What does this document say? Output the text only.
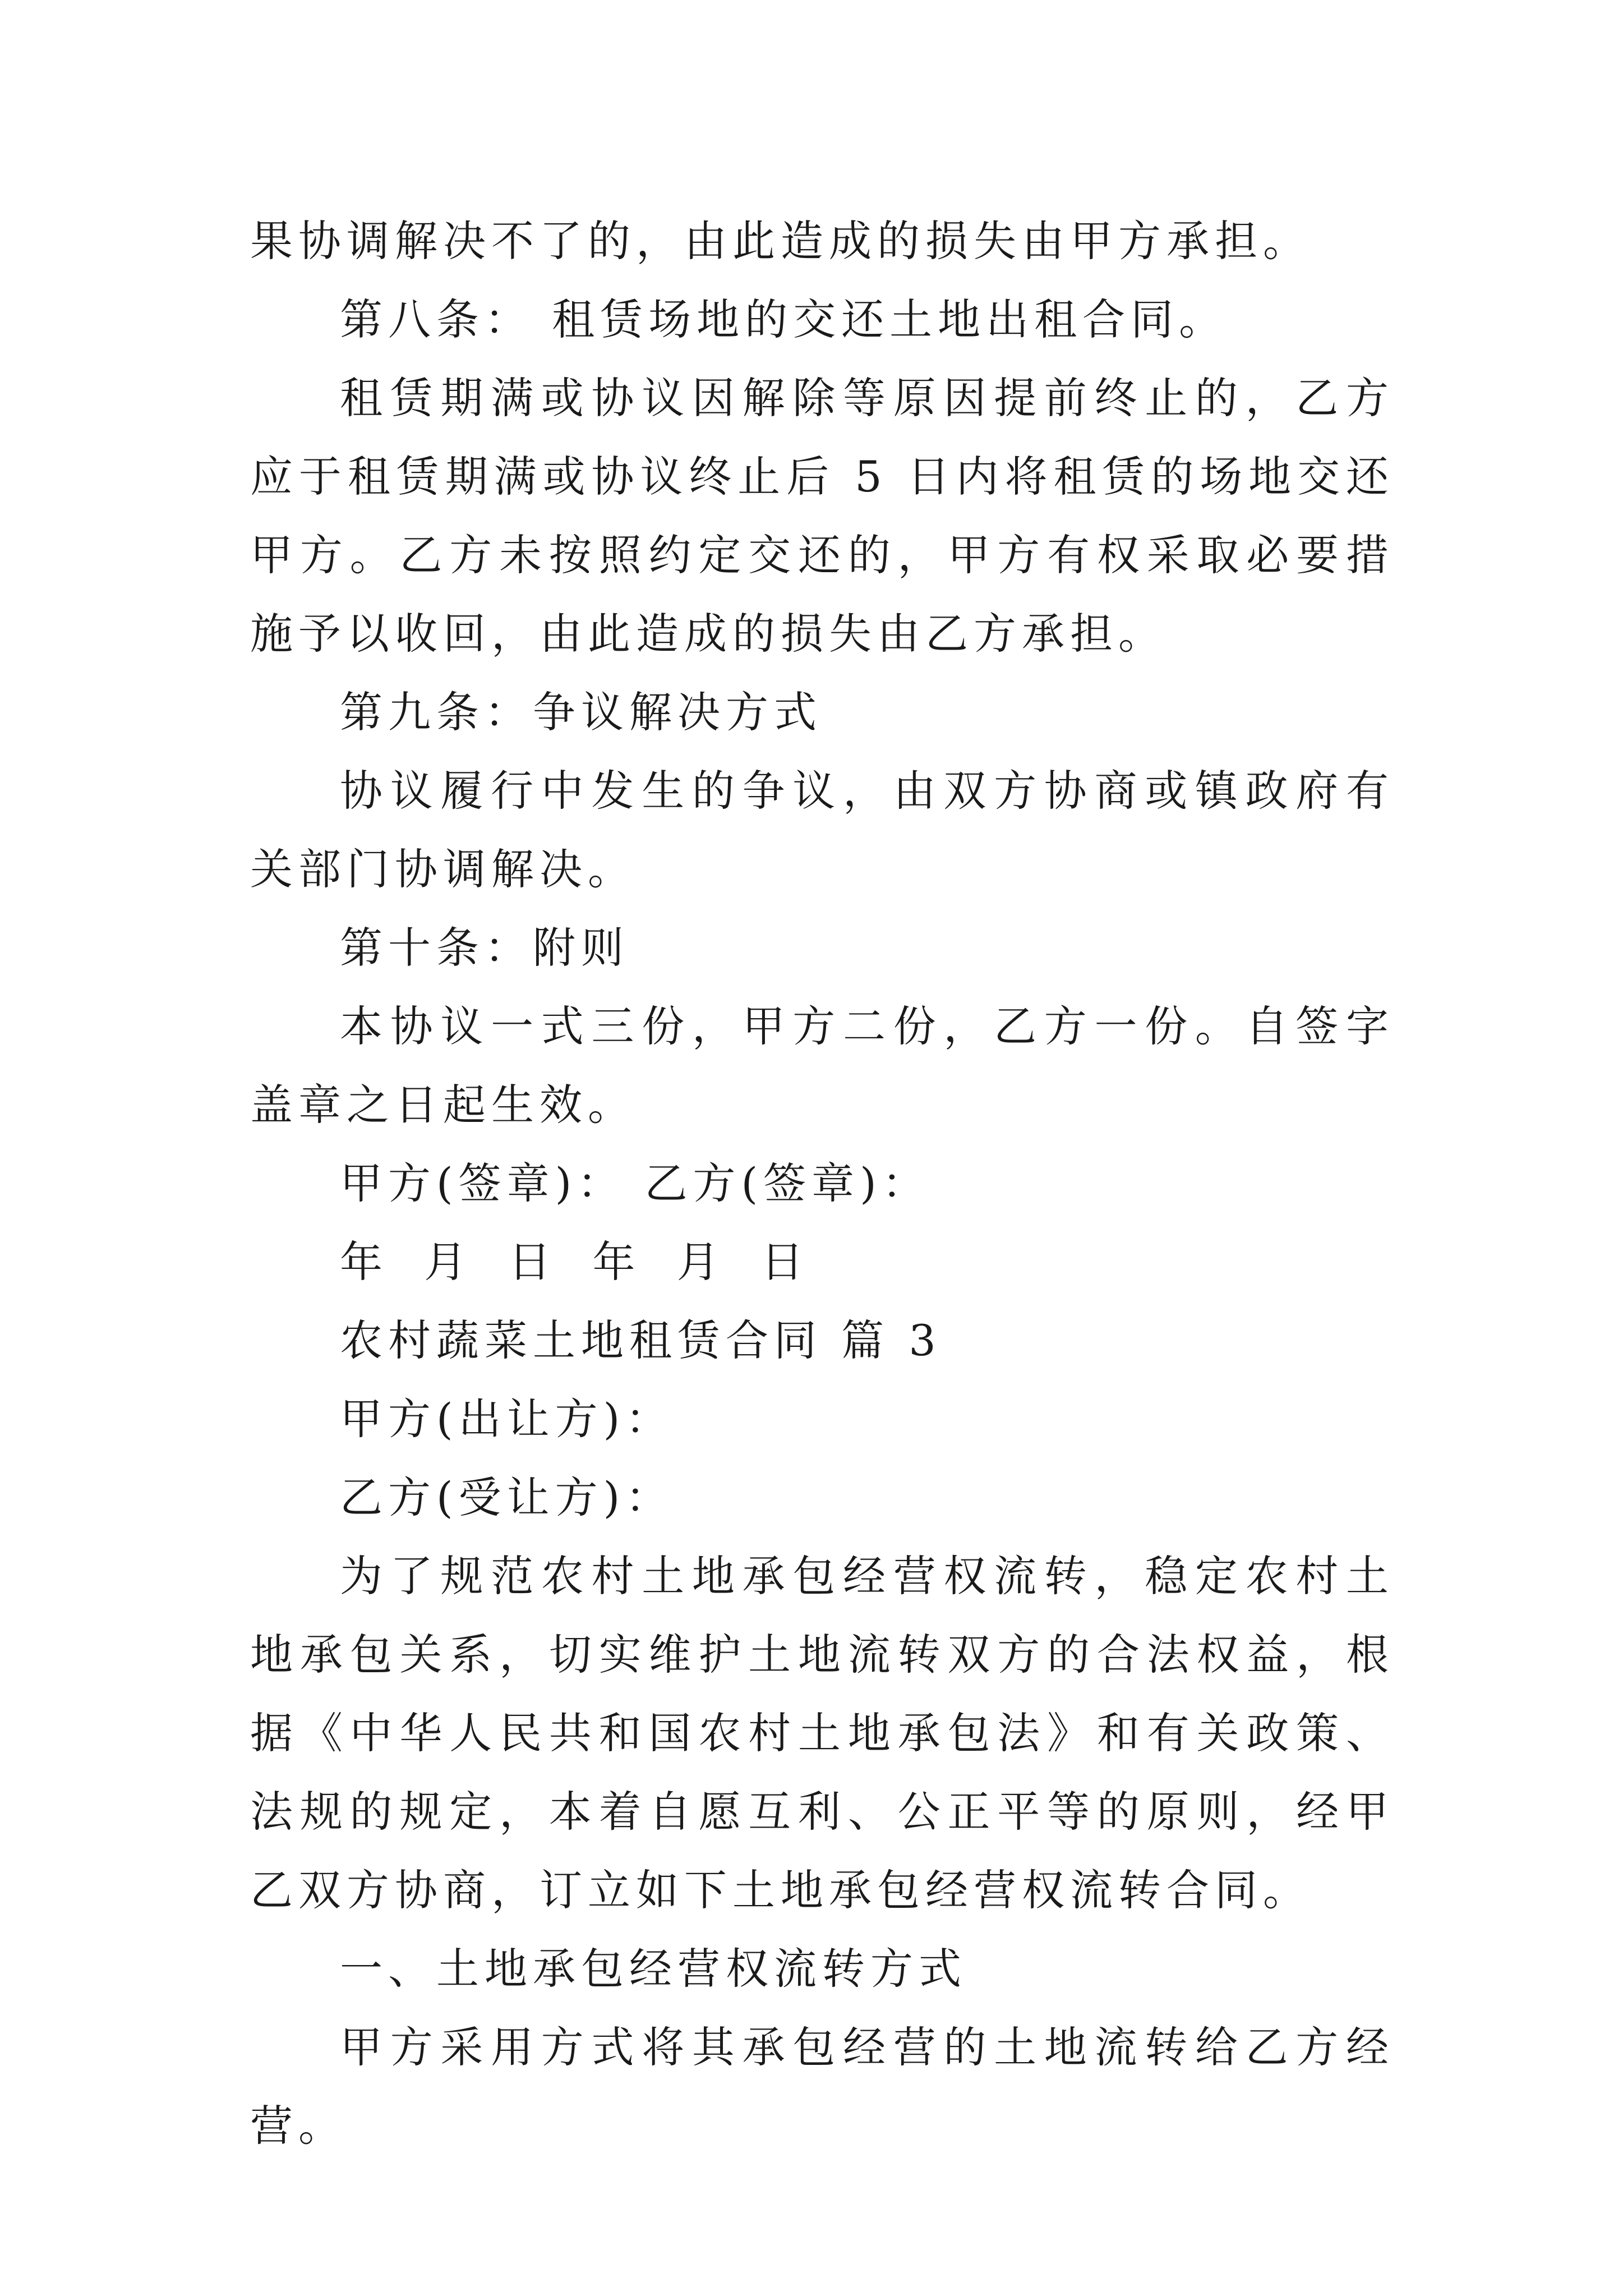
果协调解决不了的，由此造成的损失由甲方承担。

第八条： 租赁场地的交还土地出租合同。

租赁期满或协议因解除等原因提前终止的，乙方应于租赁期满或协议终止后 5 日内将租赁的场地交还甲方。乙方未按照约定交还的，甲方有权采取必要措施予以收回，由此造成的损失由乙方承担。

第九条：争议解决方式

协议履行中发生的争议，由双方协商或镇政府有关部门协调解决。

第十条：附则

本协议一式三份，甲方二份，乙方一份。自签字盖章之日起生效。

甲方(签章)： 乙方(签章)：

年 月 日 年 月 日

农村蔬菜土地租赁合同 篇 3

甲方(出让方)：

乙方(受让方)：

为了规范农村土地承包经营权流转，稳定农村土地承包关系，切实维护土地流转双方的合法权益，根据《中华人民共和国农村土地承包法》和有关政策、法规的规定，本着自愿互利、公正平等的原则，经甲乙双方协商，订立如下土地承包经营权流转合同。

一、土地承包经营权流转方式

甲方采用方式将其承包经营的土地流转给乙方经营。
